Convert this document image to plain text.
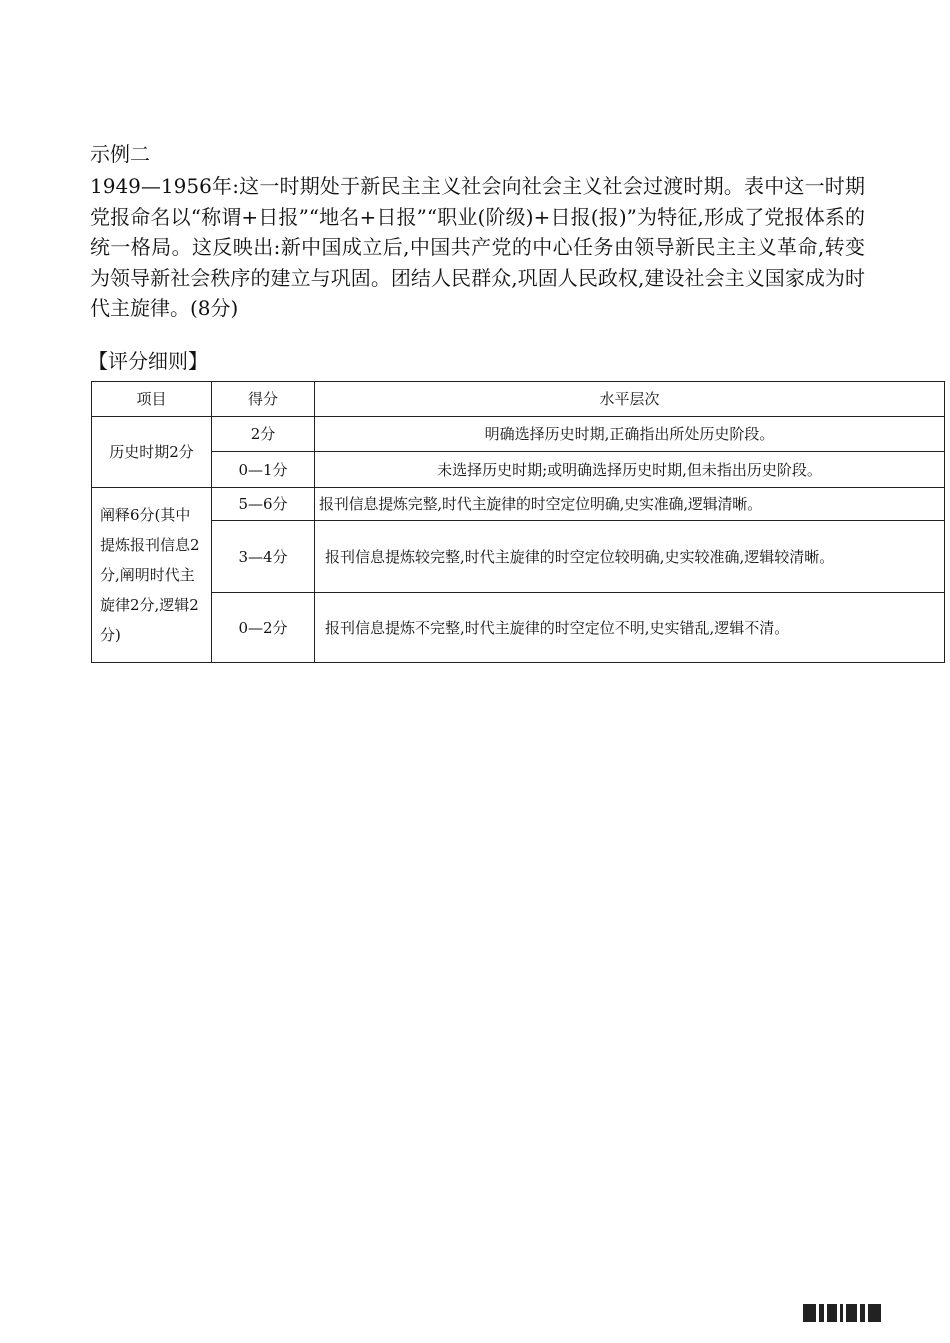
示例二

1949—1956年:这一时期处于新民主主义社会向社会主义社会过渡时期。表中这一时期党报命名以“称谓+日报”“地名+日报”“职业(阶级)+日报(报)”为特征,形成了党报体系的统一格局。这反映出:新中国成立后,中国共产党的中心任务由领导新民主主义革命,转变为领导新社会秩序的建立与巩固。团结人民群众,巩固人民政权,建设社会主义国家成为时代主旋律。(8分)

【评分细则】
项目	得分	水平层次
历史时期2分	2分	明确选择历史时期,正确指出所处历史阶段。
	0—1分	未选择历史时期;或明确选择历史时期,但未指出历史阶段。
阐释6分(其中提炼报刊信息2分,阐明时代主旋律2分,逻辑2分)	5—6分	报刊信息提炼完整,时代主旋律的时空定位明确,史实准确,逻辑清晰。
	3—4分	报刊信息提炼较完整,时代主旋律的时空定位较明确,史实较准确,逻辑较清晰。
	0—2分	报刊信息提炼不完整,时代主旋律的时空定位不明,史实错乱,逻辑不清。
